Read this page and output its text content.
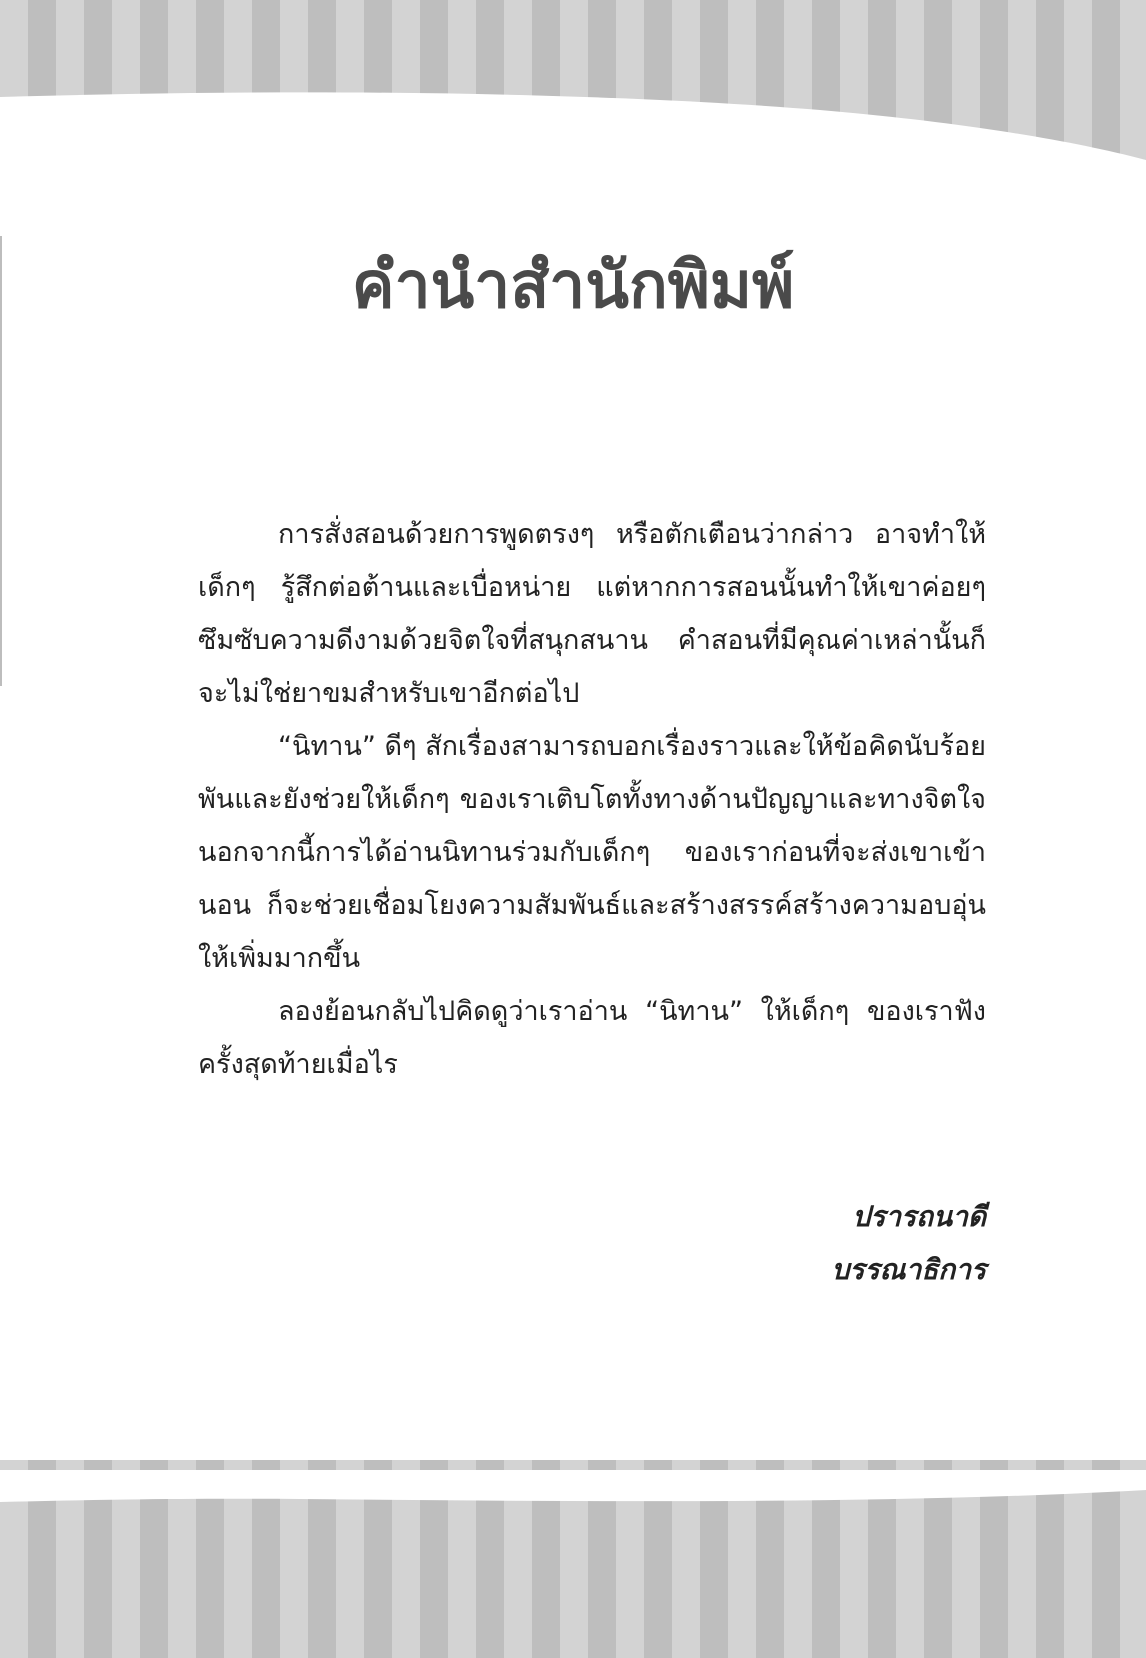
คำนำสำนักพิมพ์

การสั่งสอนด้วยการพูดตรงๆ หรือตักเตือนว่ากล่าว อาจทำให้เด็กๆ รู้สึกต่อต้านและเบื่อหน่าย แต่หากการสอนนั้นทำให้เขาค่อยๆ ซึมซับความดีงามด้วยจิตใจที่สนุกสนาน คำสอนที่มีคุณค่าเหล่านั้นก็จะไม่ใช่ยาขมสำหรับเขาอีกต่อไป

“นิทาน” ดีๆ สักเรื่องสามารถบอกเรื่องราวและให้ข้อคิดนับร้อยพันและยังช่วยให้เด็กๆ ของเราเติบโตทั้งทางด้านปัญญาและทางจิตใจ นอกจากนี้การได้อ่านนิทานร่วมกับเด็กๆ ของเราก่อนที่จะส่งเขาเข้านอน ก็จะช่วยเชื่อมโยงความสัมพันธ์และสร้างสรรค์สร้างความอบอุ่นให้เพิ่มมากขึ้น

ลองย้อนกลับไปคิดดูว่าเราอ่าน “นิทาน” ให้เด็กๆ ของเราฟังครั้งสุดท้ายเมื่อไร

ปรารถนาดี
บรรณาธิการ
